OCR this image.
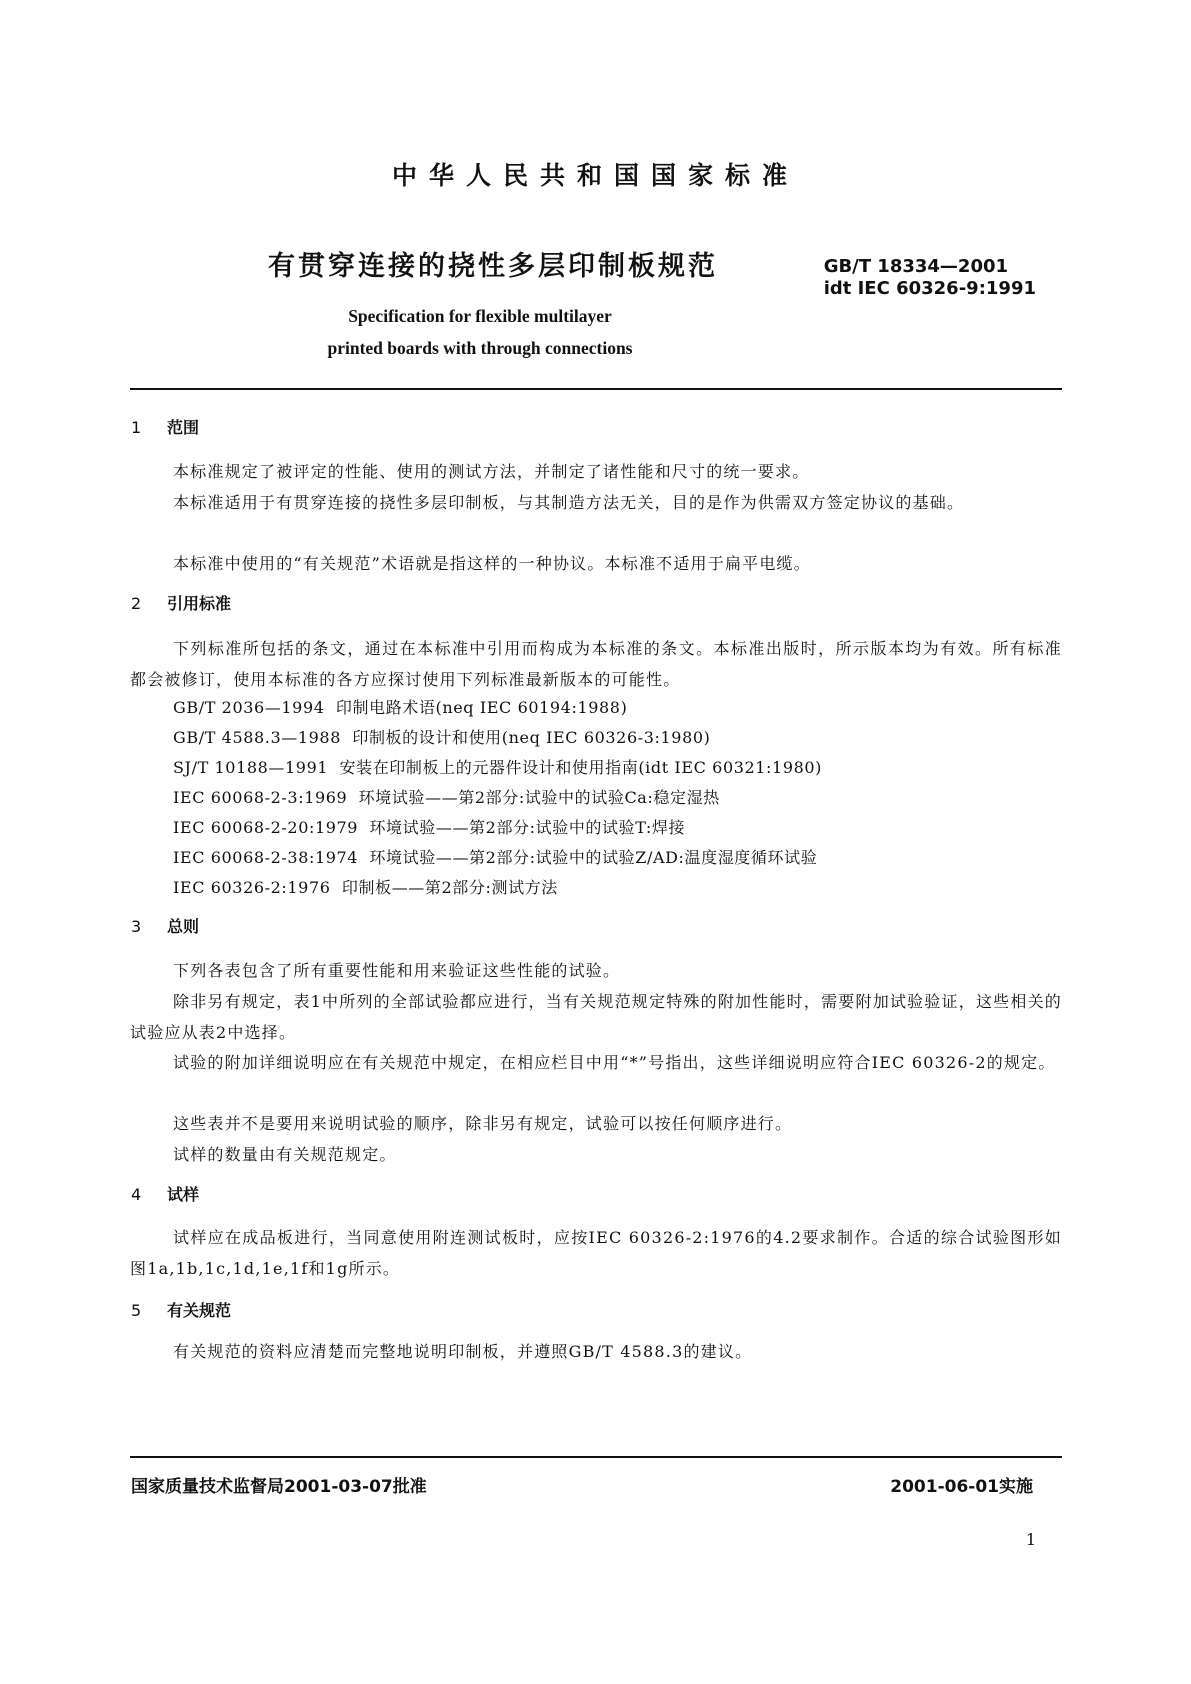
中华人民共和国国家标准
有贯穿连接的挠性多层印制板规范	GB/T 18334—2001
idt IEC 60326-9:1991
Specification for flexible multilayer
printed boards with through connections
1 范围
本标准规定了被评定的性能、使用的测试方法，并制定了诸性能和尺寸的统一要求。
本标准适用于有贯穿连接的挠性多层印制板，与其制造方法无关，目的是作为供需双方签定协议的基础。
本标准中使用的“有关规范”术语就是指这样的一种协议。本标准不适用于扁平电缆。
2 引用标准
下列标准所包括的条文，通过在本标准中引用而构成为本标准的条文。本标准出版时，所示版本均为有效。所有标准都会被修订，使用本标准的各方应探讨使用下列标准最新版本的可能性。
GB/T 2036—1994  印制电路术语(neq IEC 60194:1988)
GB/T 4588.3—1988  印制板的设计和使用(neq IEC 60326-3:1980)
SJ/T 10188—1991  安装在印制板上的元器件设计和使用指南(idt IEC 60321:1980)
IEC 60068-2-3:1969  环境试验——第2部分:试验中的试验Ca:稳定湿热
IEC 60068-2-20:1979  环境试验——第2部分:试验中的试验T:焊接
IEC 60068-2-38:1974  环境试验——第2部分:试验中的试验Z/AD:温度湿度循环试验
IEC 60326-2:1976  印制板——第2部分:测试方法
3 总则
下列各表包含了所有重要性能和用来验证这些性能的试验。
除非另有规定，表1中所列的全部试验都应进行，当有关规范规定特殊的附加性能时，需要附加试验验证，这些相关的试验应从表2中选择。
试验的附加详细说明应在有关规范中规定，在相应栏目中用“*”号指出，这些详细说明应符合IEC 60326-2的规定。
这些表并不是要用来说明试验的顺序，除非另有规定，试验可以按任何顺序进行。
试样的数量由有关规范规定。
4 试样
试样应在成品板进行，当同意使用附连测试板时，应按IEC 60326-2:1976的4.2要求制作。合适的综合试验图形如图1a,1b,1c,1d,1e,1f和1g所示。
5 有关规范
有关规范的资料应清楚而完整地说明印制板，并遵照GB/T 4588.3的建议。
国家质量技术监督局2001-03-07批准	2001-06-01实施
1
